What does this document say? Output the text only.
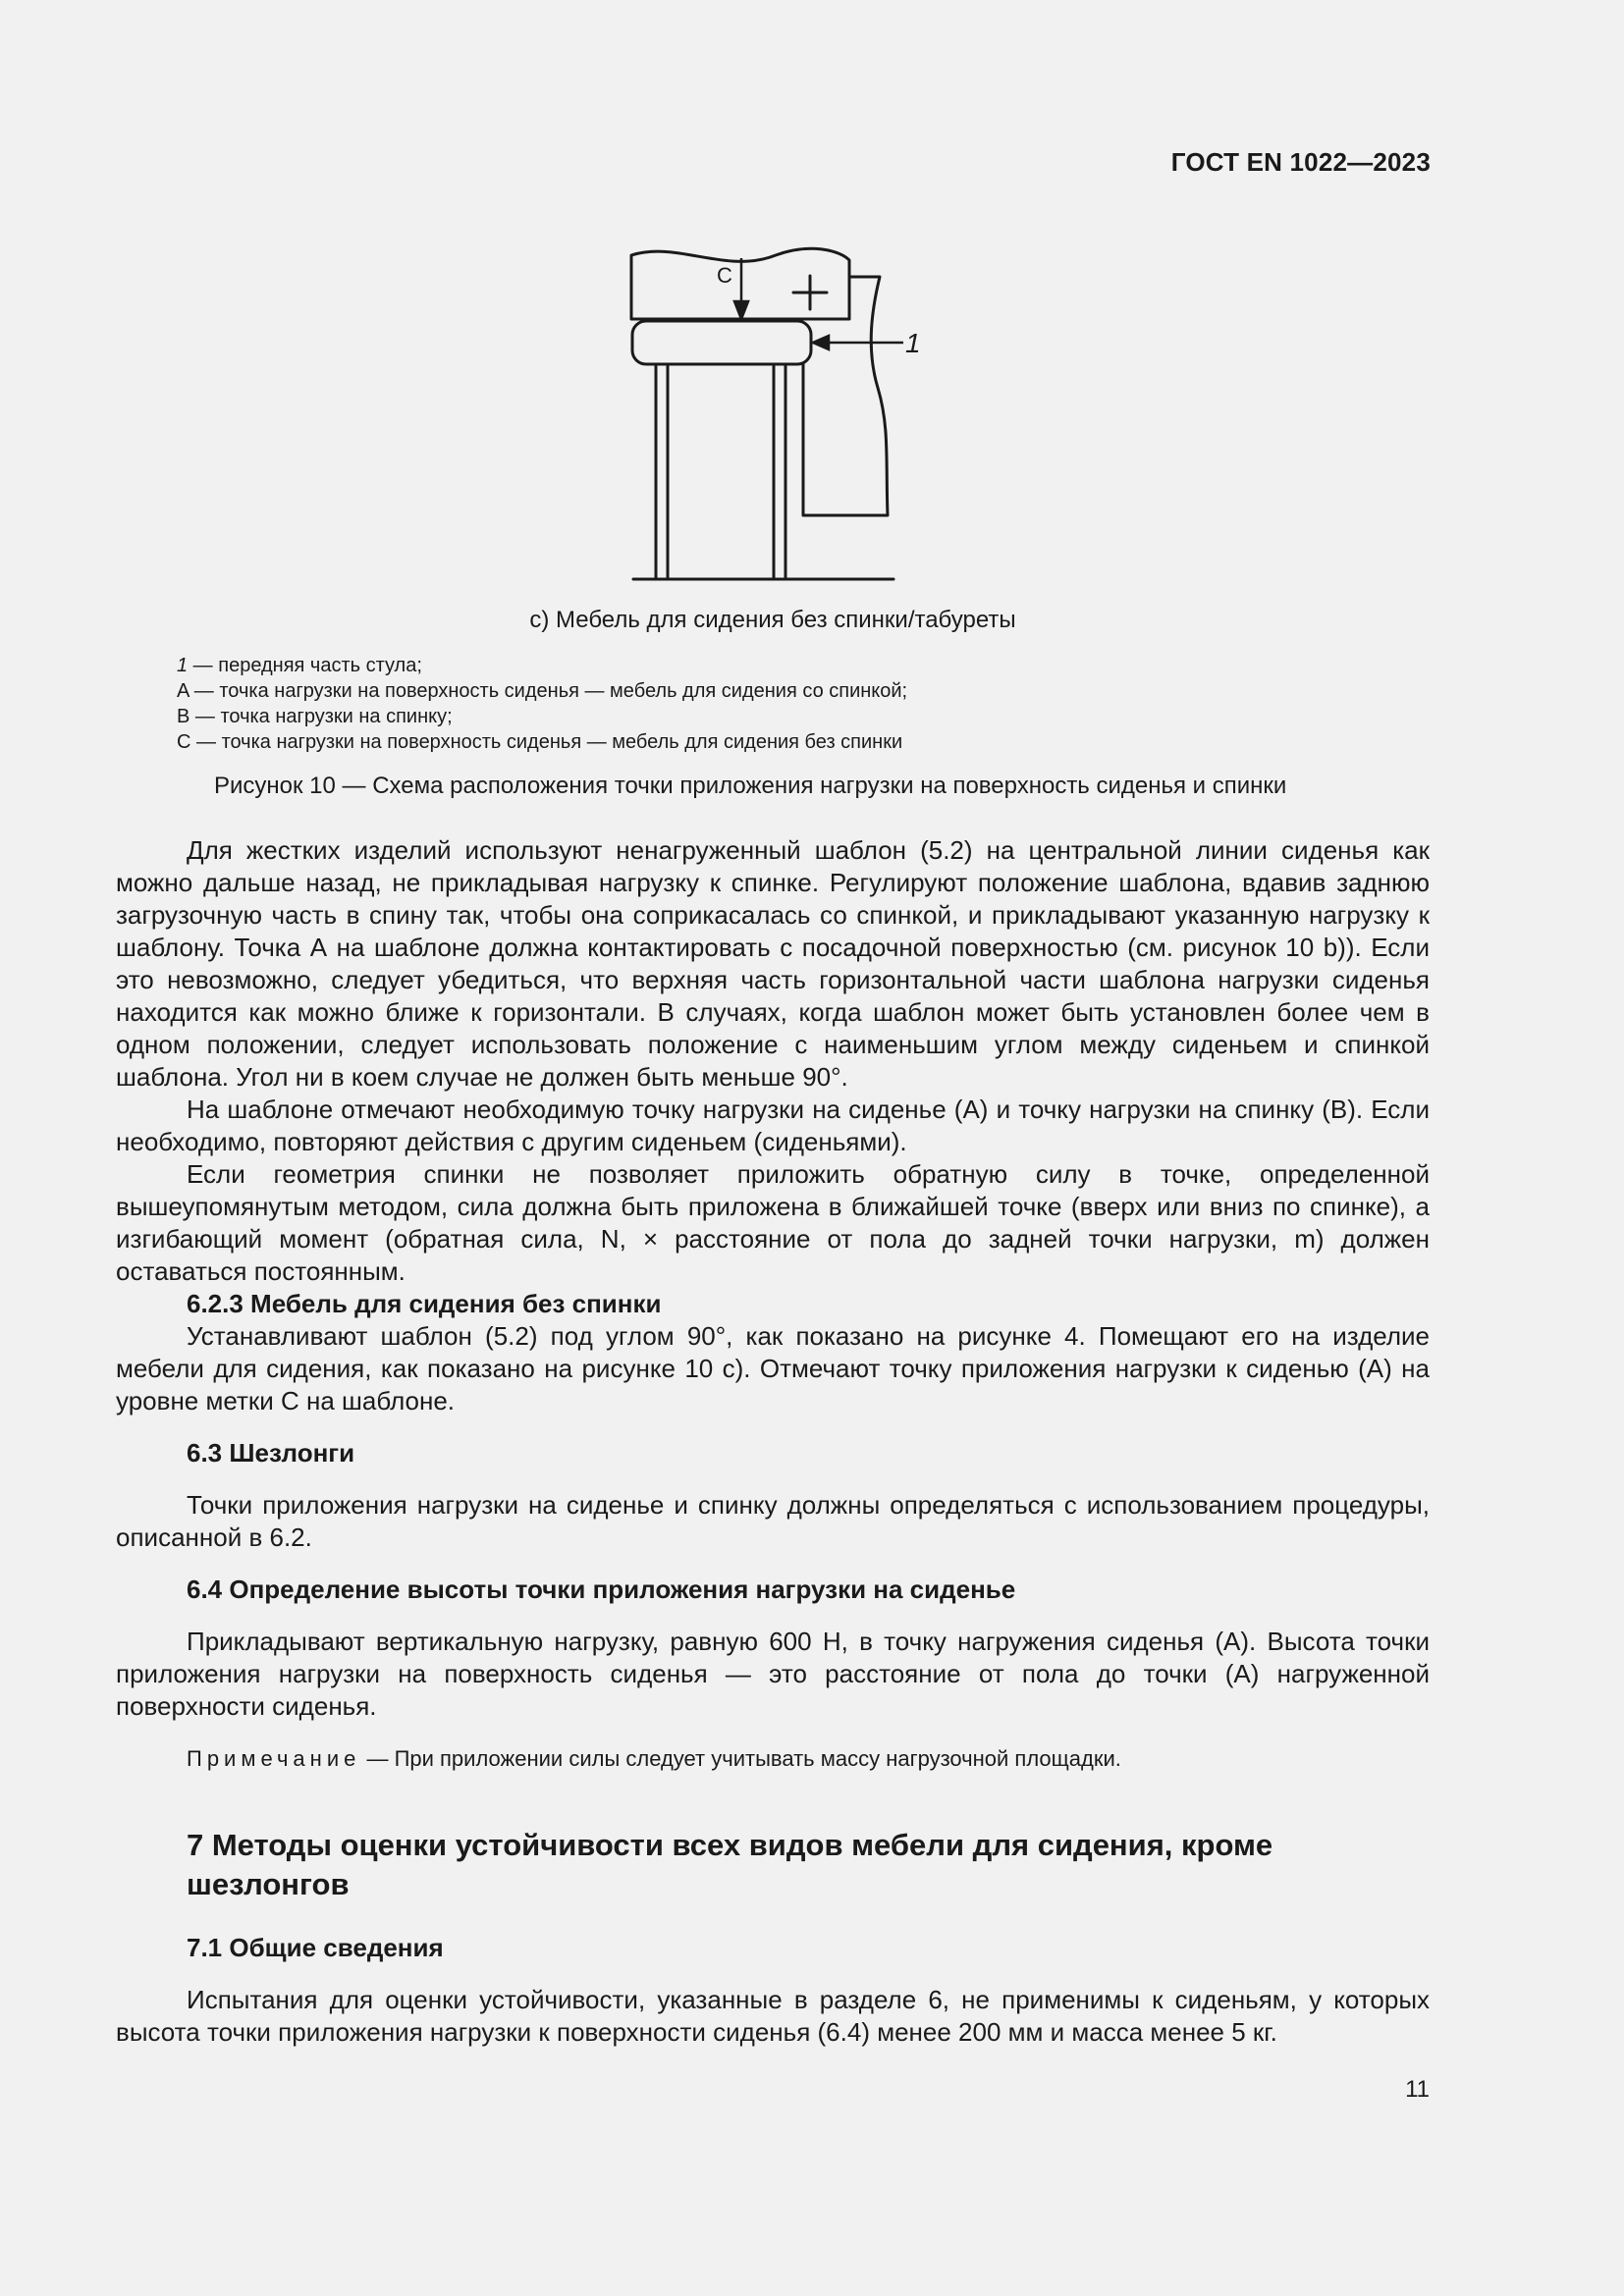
ГОСТ EN 1022—2023
C
1
c) Мебель для сидения без спинки/табуреты
1 — передняя часть стула;
A — точка нагрузки на поверхность сиденья — мебель для сидения со спинкой;
B — точка нагрузки на спинку;
C — точка нагрузки на поверхность сиденья — мебель для сидения без спинки
Рисунок 10 — Схема расположения точки приложения нагрузки на поверхность сиденья и спинки

Для жестких изделий используют ненагруженный шаблон (5.2) на центральной линии сиденья как можно дальше назад, не прикладывая нагрузку к спинке. Регулируют положение шаблона, вдавив заднюю загрузочную часть в спину так, чтобы она соприкасалась со спинкой, и прикладывают указанную нагрузку к шаблону. Точка А на шаблоне должна контактировать с посадочной поверхностью (см. рисунок 10 b)). Если это невозможно, следует убедиться, что верхняя часть горизонтальной части шаблона нагрузки сиденья находится как можно ближе к горизонтали. В случаях, когда шаблон может быть установлен более чем в одном положении, следует использовать положение с наименьшим углом между сиденьем и спинкой шаблона. Угол ни в коем случае не должен быть меньше 90°.

На шаблоне отмечают необходимую точку нагрузки на сиденье (А) и точку нагрузки на спинку (В). Если необходимо, повторяют действия с другим сиденьем (сиденьями).

Если геометрия спинки не позволяет приложить обратную силу в точке, определенной вышеупомянутым методом, сила должна быть приложена в ближайшей точке (вверх или вниз по спинке), а изгибающий момент (обратная сила, N, × расстояние от пола до задней точки нагрузки, m) должен оставаться постоянным.

6.2.3 Мебель для сидения без спинки

Устанавливают шаблон (5.2) под углом 90°, как показано на рисунке 4. Помещают его на изделие мебели для сидения, как показано на рисунке 10 c). Отмечают точку приложения нагрузки к сиденью (А) на уровне метки С на шаблоне.

6.3 Шезлонги

Точки приложения нагрузки на сиденье и спинку должны определяться с использованием процедуры, описанной в 6.2.

6.4 Определение высоты точки приложения нагрузки на сиденье

Прикладывают вертикальную нагрузку, равную 600 Н, в точку нагружения сиденья (А). Высота точки приложения нагрузки на поверхность сиденья — это расстояние от пола до точки (А) нагруженной поверхности сиденья.

Примечание — При приложении силы следует учитывать массу нагрузочной площадки.
7 Методы оценки устойчивости всех видов мебели для сидения, кроме шезлонгов
7.1 Общие сведения

Испытания для оценки устойчивости, указанные в разделе 6, не применимы к сиденьям, у которых высота точки приложения нагрузки к поверхности сиденья (6.4) менее 200 мм и масса менее 5 кг.

11
